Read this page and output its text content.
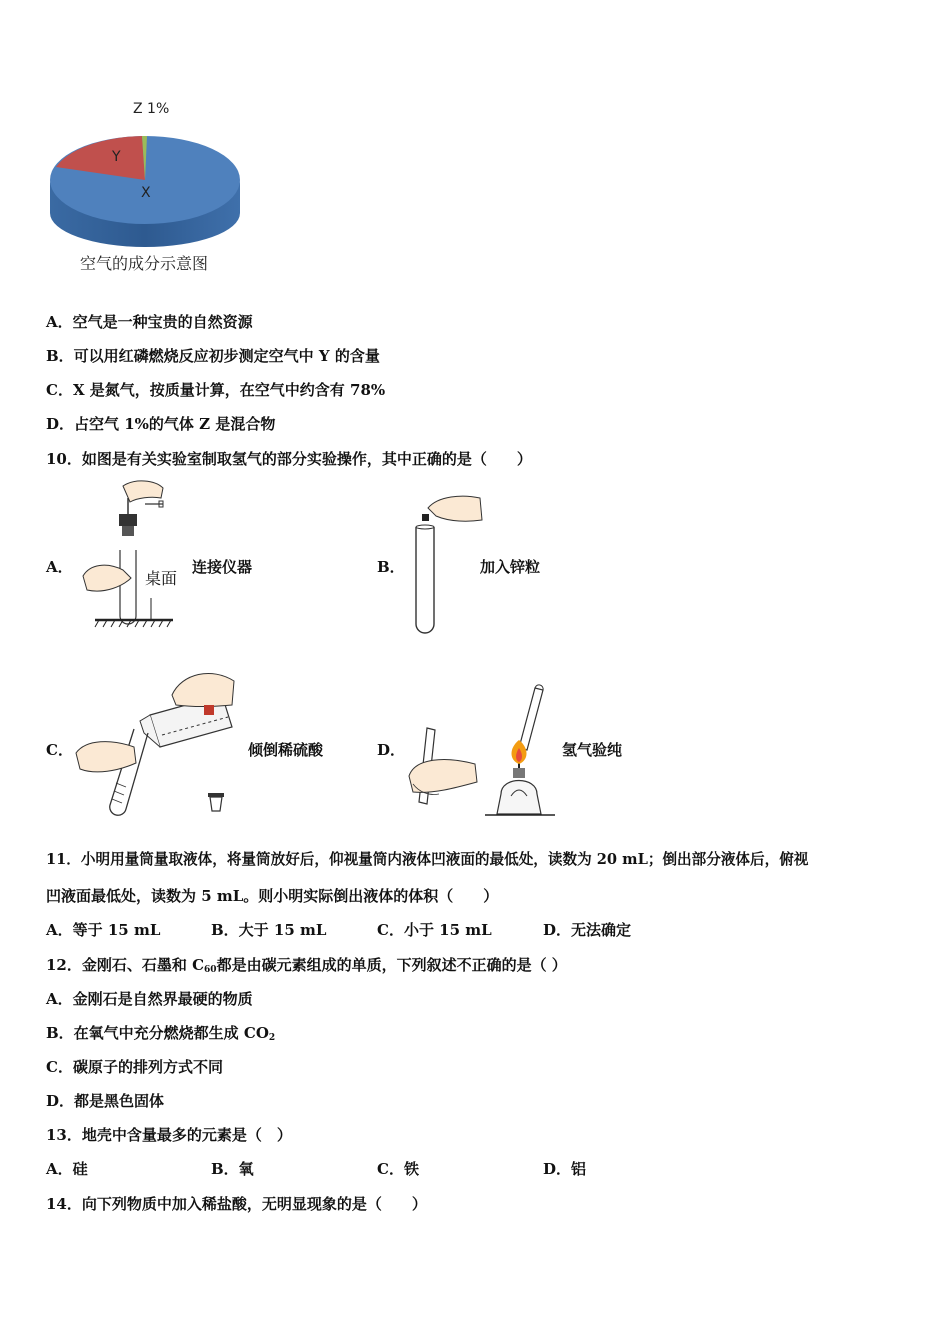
Z 1%
Y
X
空气的成分示意图
A．空气是一种宝贵的自然资源
B．可以用红磷燃烧反应初步测定空气中 Y 的含量
C．X 是氮气，按质量计算，在空气中约含有 78%
D．占空气 1%的气体 Z 是混合物
10．如图是有关实验室制取氢气的部分实验操作，其中正确的是（　　）
A．
桌面
连接仪器	B．	加入锌粒
C．	倾倒稀硫酸	D．	氢气验纯
11．小明用量筒量取液体，将量筒放好后，仰视量筒内液体凹液面的最低处，读数为 20 mL；倒出部分液体后，俯视
凹液面最低处，读数为 5 mL。则小明实际倒出液体的体积（　　）
A．等于 15 mL	B．大于 15 mL	C．小于 15 mL	D．无法确定
12．金刚石、石墨和 $C_{60}$都是由碳元素组成的单质，下列叙述不正确的是（ ）
A．金刚石是自然界最硬的物质
B．在氧气中充分燃烧都生成 $CO_2$
C．碳原子的排列方式不同
D．都是黑色固体
13．地壳中含量最多的元素是（　）
A．硅	B．氧	C．铁	D．铝
14．向下列物质中加入稀盐酸，无明显现象的是（　　）
